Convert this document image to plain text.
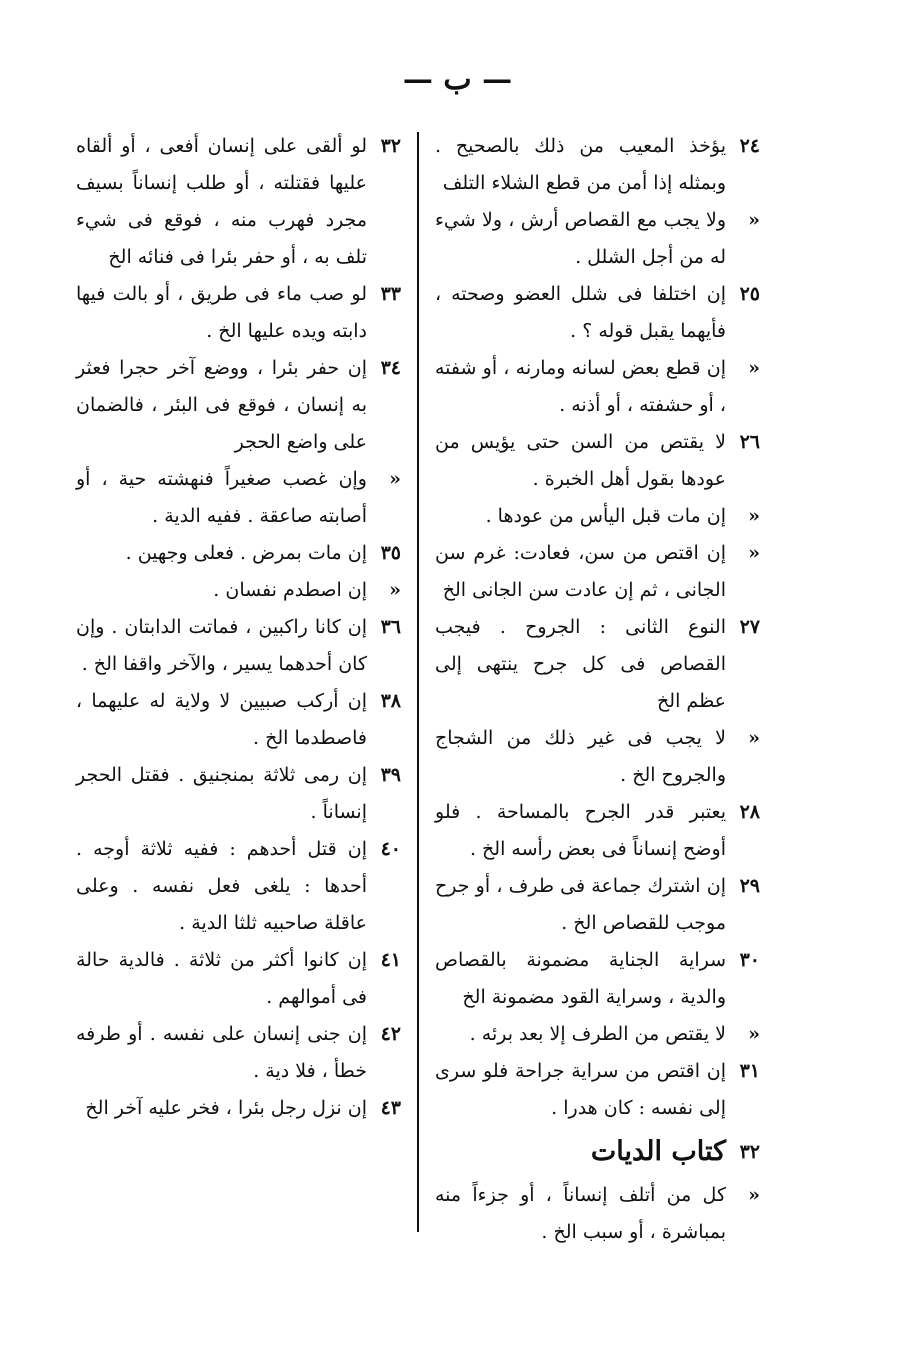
— ب —
٢٤
يؤخذ المعيب من ذلك بالصحيح . وبمثله إذا أمن من قطع الشلاء التلف
«
ولا يجب مع القصاص أرش ، ولا شيء له من أجل الشلل .
٢٥
إن اختلفا فى شلل العضو وصحته ، فأيهما يقبل قوله ؟ .
«
إن قطع بعض لسانه ومارنه ، أو شفته ، أو حشفته ، أو أذنه .
٢٦
لا يقتص من السن حتى يؤيس من عودها بقول أهل الخبرة .
«
إن مات قبل اليأس من عودها .
«
إن اقتص من سن، فعادت: غرم سن الجانى ، ثم إن عادت سن الجانى الخ
٢٧
النوع الثانى : الجروح . فيجب القصاص فى كل جرح ينتهى إلى عظم الخ
«
لا يجب فى غير ذلك من الشجاج والجروح الخ .
٢٨
يعتبر قدر الجرح بالمساحة . فلو أوضح إنساناً فى بعض رأسه الخ .
٢٩
إن اشترك جماعة فى طرف ، أو جرح موجب للقصاص الخ .
٣٠
سراية الجناية مضمونة بالقصاص والدية ، وسراية القود مضمونة الخ
«
لا يقتص من الطرف إلا بعد برئه .
٣١
إن اقتص من سراية جراحة فلو سرى إلى نفسه : كان هدرا .
٣٢
كتاب الديات
«
كل من أتلف إنساناً ، أو جزءاً منه بمباشرة ، أو سبب الخ .
٣٢
لو ألقى على إنسان أفعى ، أو ألقاه عليها فقتلته ، أو طلب إنساناً بسيف مجرد فهرب منه ، فوقع فى شيء تلف به ، أو حفر بئرا فى فنائه الخ
٣٣
لو صب ماء فى طريق ، أو بالت فيها دابته ويده عليها الخ .
٣٤
إن حفر بئرا ، ووضع آخر حجرا فعثر به إنسان ، فوقع فى البئر ، فالضمان على واضع الحجر
«
وإن غصب صغيراً فنهشته حية ، أو أصابته صاعقة . ففيه الدية .
٣٥
إن مات بمرض . فعلى وجهين .
«
إن اصطدم نفسان .
٣٦
إن كانا راكبين ، فماتت الدابتان . وإن كان أحدهما يسير ، والآخر واقفا الخ .
٣٨
إن أركب صبيين لا ولاية له عليهما ، فاصطدما الخ .
٣٩
إن رمى ثلاثة بمنجنيق . فقتل الحجر إنساناً .
٤٠
إن قتل أحدهم : ففيه ثلاثة أوجه . أحدها : يلغى فعل نفسه . وعلى عاقلة صاحبيه ثلثا الدية .
٤١
إن كانوا أكثر من ثلاثة . فالدية حالة فى أموالهم .
٤٢
إن جنى إنسان على نفسه . أو طرفه خطأ ، فلا دية .
٤٣
إن نزل رجل بئرا ، فخر عليه آخر الخ
